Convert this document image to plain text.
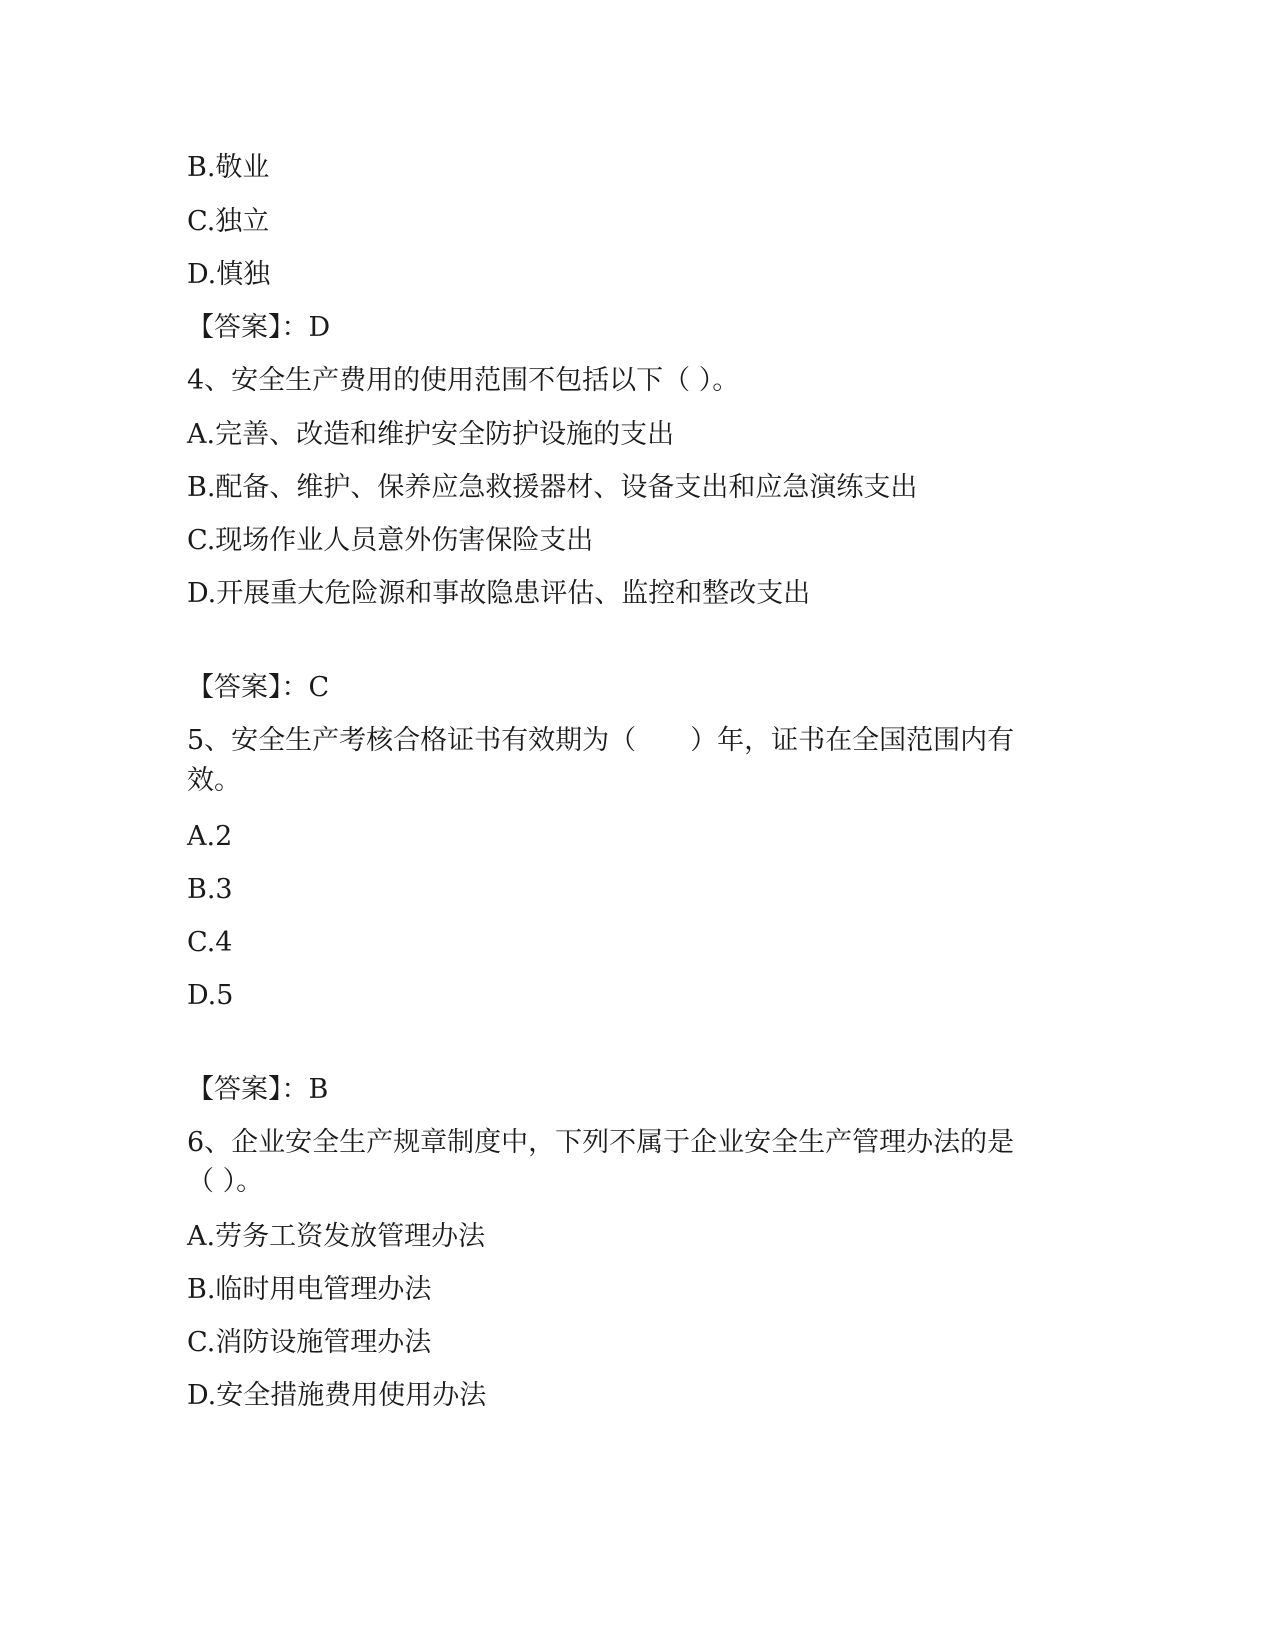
B.敬业
C.独立
D.慎独
【答案】：D
4、安全生产费用的使用范围不包括以下（ ）。
A.完善、改造和维护安全防护设施的支出
B.配备、维护、保养应急救援器材、设备支出和应急演练支出
C.现场作业人员意外伤害保险支出
D.开展重大危险源和事故隐患评估、监控和整改支出
【答案】：C
5、安全生产考核合格证书有效期为（　　）年，证书在全国范围内有
效。
A.2
B.3
C.4
D.5
【答案】：B
6、企业安全生产规章制度中，下列不属于企业安全生产管理办法的是
（ ）。
A.劳务工资发放管理办法
B.临时用电管理办法
C.消防设施管理办法
D.安全措施费用使用办法
